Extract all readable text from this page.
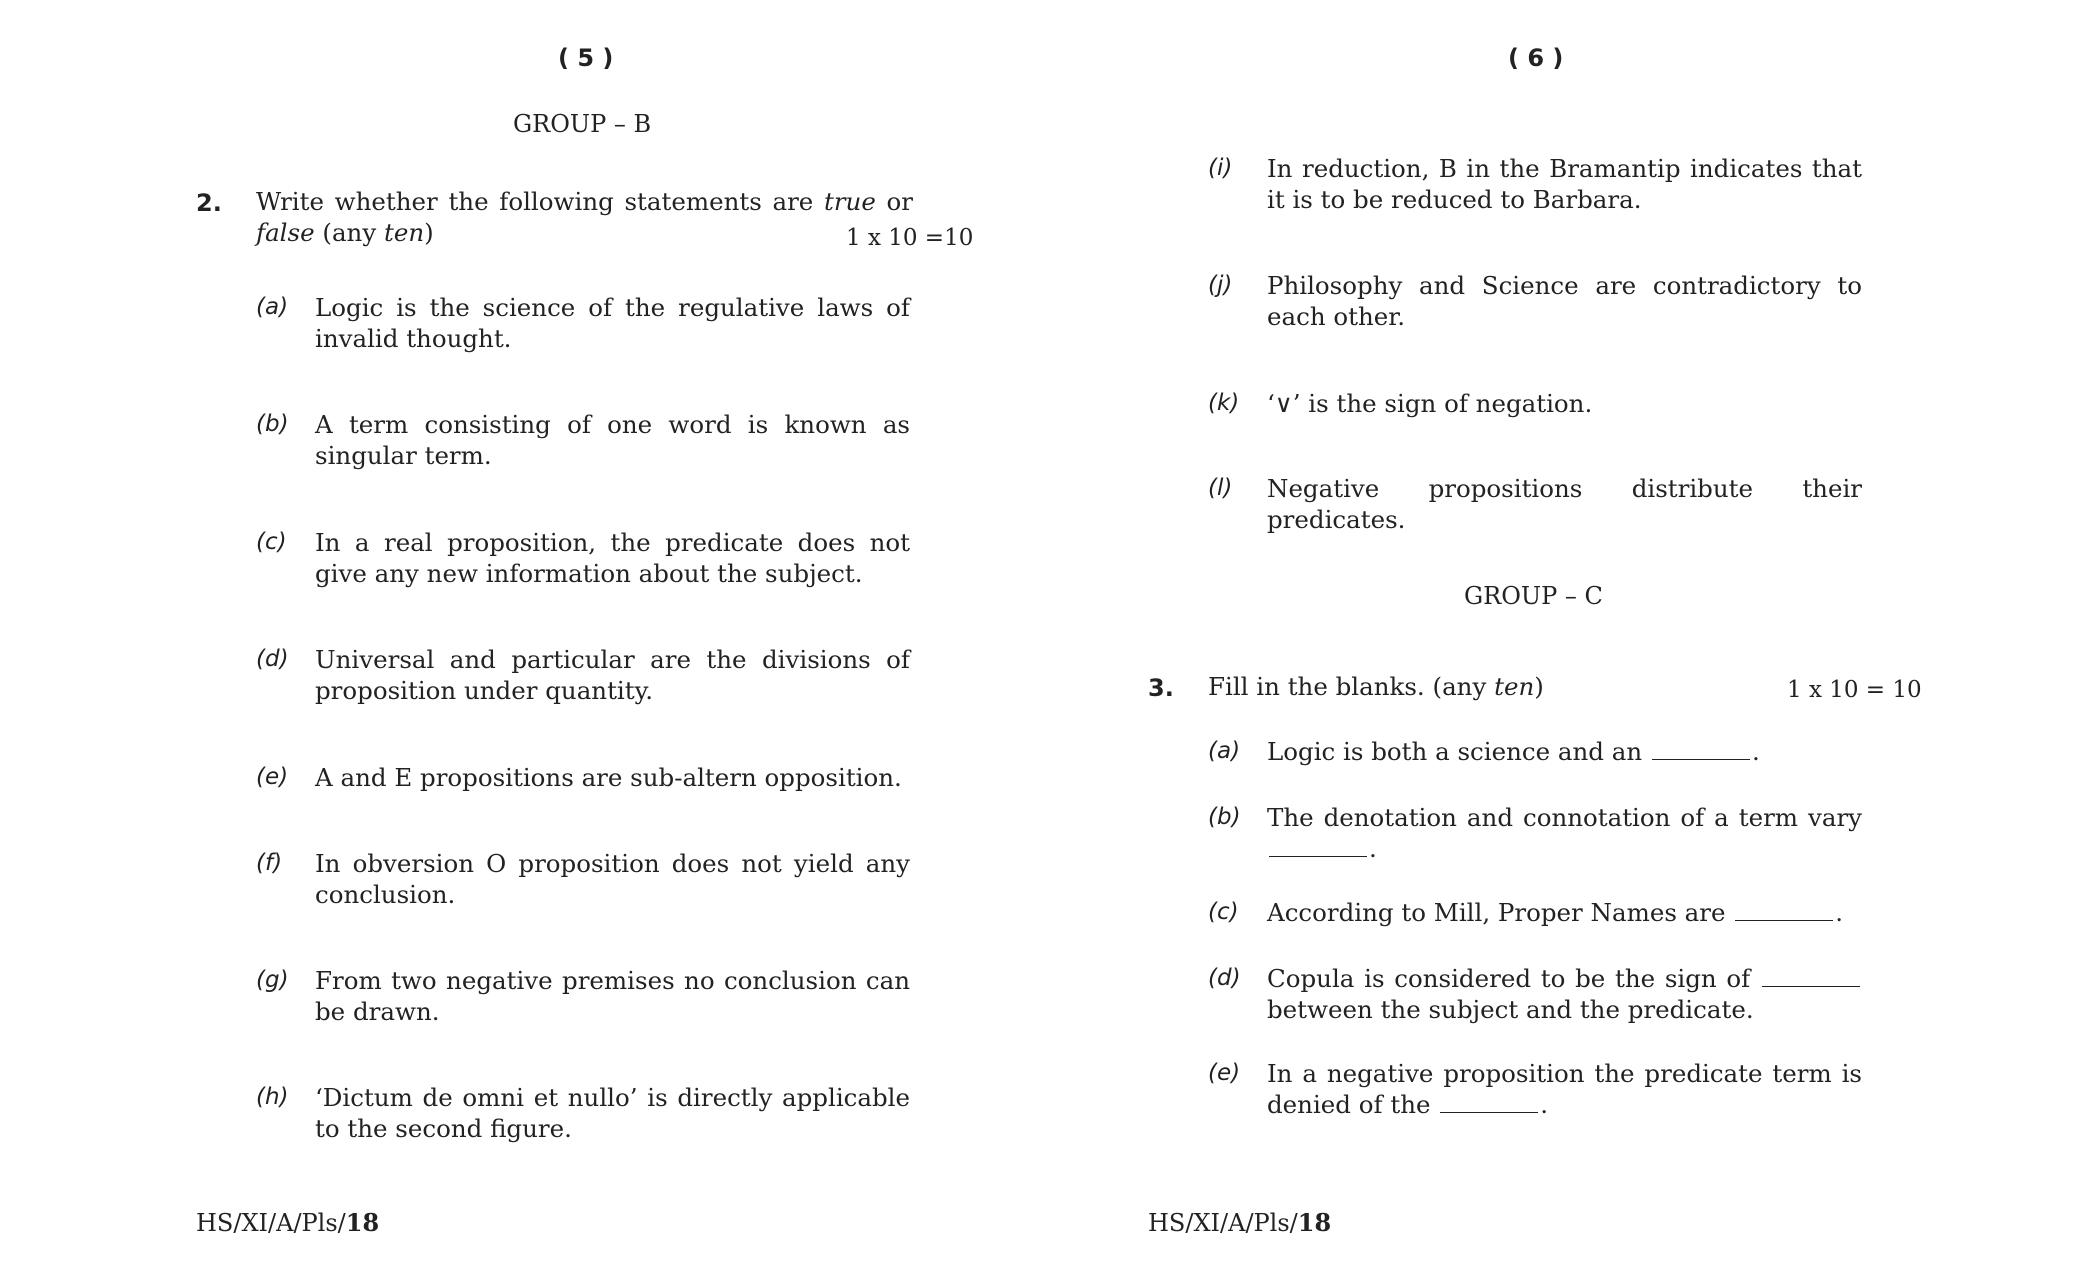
( 5 )
GROUP – B
2. Write whether the following statements are true or
false (any ten)	1 x 10 =10
(a) Logic is the science of the regulative laws of invalid thought.
(b) A term consisting of one word is known as singular term.
(c) In a real proposition, the predicate does not give any new information about the subject.
(d) Universal and particular are the divisions of proposition under quantity.
(e) A and E propositions are sub-altern opposition.
(f) In obversion O proposition does not yield any conclusion.
(g) From two negative premises no conclusion can be drawn.
(h) ‘Dictum de omni et nullo’ is directly applicable to the second figure.
HS/XI/A/Pls/18
( 6 )
(i) In reduction, B in the Bramantip indicates that it is to be reduced to Barbara.
(j) Philosophy and Science are contradictory to each other.
(k) ‘∨’ is the sign of negation.
(l) Negative propositions distribute their predicates.
GROUP – C
3. Fill in the blanks. (any ten)	1 x 10 = 10
(a) Logic is both a science and an	.
(b) The denotation and connotation of a term vary .
(c) According to Mill, Proper Names are	.
(d) Copula is considered to be the sign of  between the subject and the predicate.
(e) In a negative proposition the predicate term is denied of the	.
HS/XI/A/Pls/18
